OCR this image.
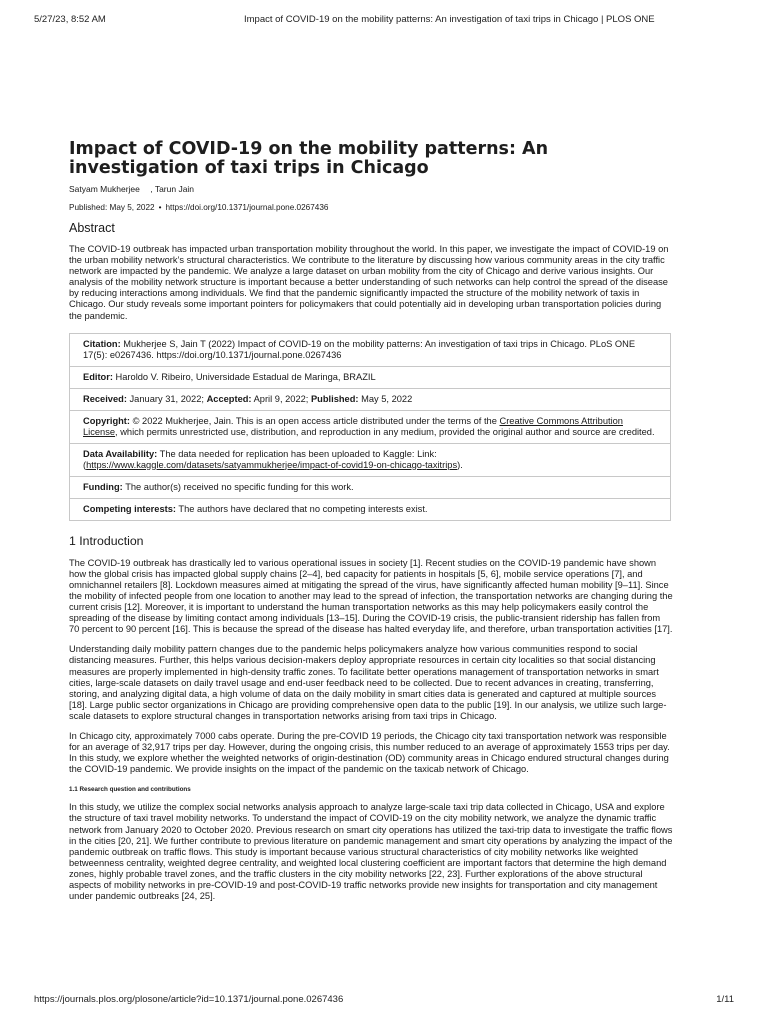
5/27/23, 8:52 AM	Impact of COVID-19 on the mobility patterns: An investigation of taxi trips in Chicago | PLOS ONE
Impact of COVID-19 on the mobility patterns: An investigation of taxi trips in Chicago
Satyam Mukherjee , Tarun Jain
Published: May 5, 2022 • https://doi.org/10.1371/journal.pone.0267436
Abstract

The COVID-19 outbreak has impacted urban transportation mobility throughout the world. In this paper, we investigate the impact of COVID-19 on the urban mobility network’s structural characteristics. We contribute to the literature by discussing how various community areas in the city traffic network are impacted by the pandemic. We analyze a large dataset on urban mobility from the city of Chicago and derive various insights. Our analysis of the mobility network structure is important because a better understanding of such networks can help control the spread of the disease by reducing interactions among individuals. We find that the pandemic significantly impacted the structure of the mobility network of taxis in Chicago. Our study reveals some important pointers for policymakers that could potentially aid in developing urban transportation policies during the pandemic.

Citation: Mukherjee S, Jain T (2022) Impact of COVID-19 on the mobility patterns: An investigation of taxi trips in Chicago. PLoS ONE 17(5): e0267436. https://doi.org/10.1371/journal.pone.0267436
Editor: Haroldo V. Ribeiro, Universidade Estadual de Maringa, BRAZIL
Received: January 31, 2022; Accepted: April 9, 2022; Published: May 5, 2022
Copyright: © 2022 Mukherjee, Jain. This is an open access article distributed under the terms of the Creative Commons Attribution License, which permits unrestricted use, distribution, and reproduction in any medium, provided the original author and source are credited.
Data Availability: The data needed for replication has been uploaded to Kaggle: Link: (https://www.kaggle.com/datasets/satyammukherjee/impact-of-covid19-on-chicago-taxitrips).
Funding: The author(s) received no specific funding for this work.
Competing interests: The authors have declared that no competing interests exist.
1 Introduction

The COVID-19 outbreak has drastically led to various operational issues in society [1]. Recent studies on the COVID-19 pandemic have shown how the global crisis has impacted global supply chains [2–4], bed capacity for patients in hospitals [5, 6], mobile service operations [7], and omnichannel retailers [8]. Lockdown measures aimed at mitigating the spread of the virus, have significantly affected human mobility [9–11]. Since the mobility of infected people from one location to another may lead to the spread of infection, the transportation networks are changing during the current crisis [12]. Moreover, it is important to understand the human transportation networks as this may help policymakers easily control the spreading of the disease by limiting contact among individuals [13–15]. During the COVID-19 crisis, the public-transient ridership has fallen from 70 percent to 90 percent [16]. This is because the spread of the disease has halted everyday life, and therefore, urban transportation activities [17].

Understanding daily mobility pattern changes due to the pandemic helps policymakers analyze how various communities respond to social distancing measures. Further, this helps various decision-makers deploy appropriate resources in certain city localities so that social distancing measures are properly implemented in high-density traffic zones. To facilitate better operations management of transportation networks in smart cities, large-scale datasets on daily travel usage and end-user feedback need to be collected. Due to recent advances in creating, transferring, storing, and analyzing digital data, a high volume of data on the daily mobility in smart cities data is generated and captured at multiple sources [18]. Large public sector organizations in Chicago are providing comprehensive open data to the public [19]. In our analysis, we utilize such large-scale datasets to explore structural changes in transportation networks arising from taxi trips in Chicago.

In Chicago city, approximately 7000 cabs operate. During the pre-COVID 19 periods, the Chicago city taxi transportation network was responsible for an average of 32,917 trips per day. However, during the ongoing crisis, this number reduced to an average of approximately 1553 trips per day. In this study, we explore whether the weighted networks of origin-destination (OD) community areas in Chicago endured structural changes during the COVID-19 pandemic. We provide insights on the impact of the pandemic on the taxicab network of Chicago.

1.1 Research question and contributions

In this study, we utilize the complex social networks analysis approach to analyze large-scale taxi trip data collected in Chicago, USA and explore the structure of taxi travel mobility networks. To understand the impact of COVID-19 on the city mobility network, we analyze the dynamic traffic network from January 2020 to October 2020. Previous research on smart city operations has utilized the taxi-trip data to investigate the traffic flows in the cities [20, 21]. We further contribute to previous literature on pandemic management and smart city operations by analyzing the impact of the pandemic outbreak on traffic flows. This study is important because various structural characteristics of city mobility networks like weighted betweenness centrality, weighted degree centrality, and weighted local clustering coefficient are important factors that determine the high demand zones, highly probable travel zones, and the traffic clusters in the city mobility networks [22, 23]. Further explorations of the above structural aspects of mobility networks in pre-COVID-19 and post-COVID-19 traffic networks provide new insights for transportation and city management under pandemic outbreaks [24, 25].

https://journals.plos.org/plosone/article?id=10.1371/journal.pone.0267436	1/11
